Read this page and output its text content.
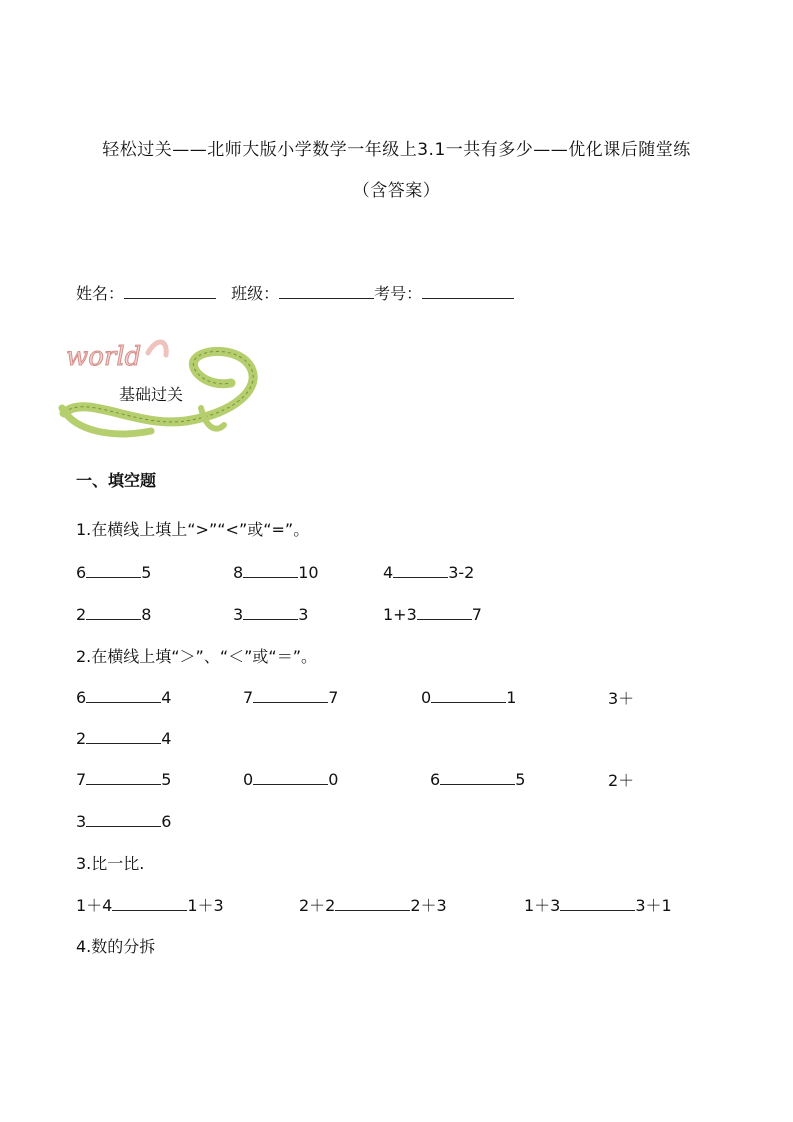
轻松过关——北师大版小学数学一年级上3.1一共有多少——优化课后随堂练
（含答案）
姓名：	班级：	考号：
world
基础过关
一、填空题
1.在横线上填上“>”“<”或“=”。
6	5	8	10	4	3-2
2	8	3	3	1+3	7
2.在横线上填“＞”、“＜”或“＝”。
6	4	7	7	0	1	3＋
2	4
7	5	0	0	6	5	2＋
3	6
3.比一比.
1＋4	1＋3	2＋2	2＋3	1＋3	3＋1
4.数的分拆
